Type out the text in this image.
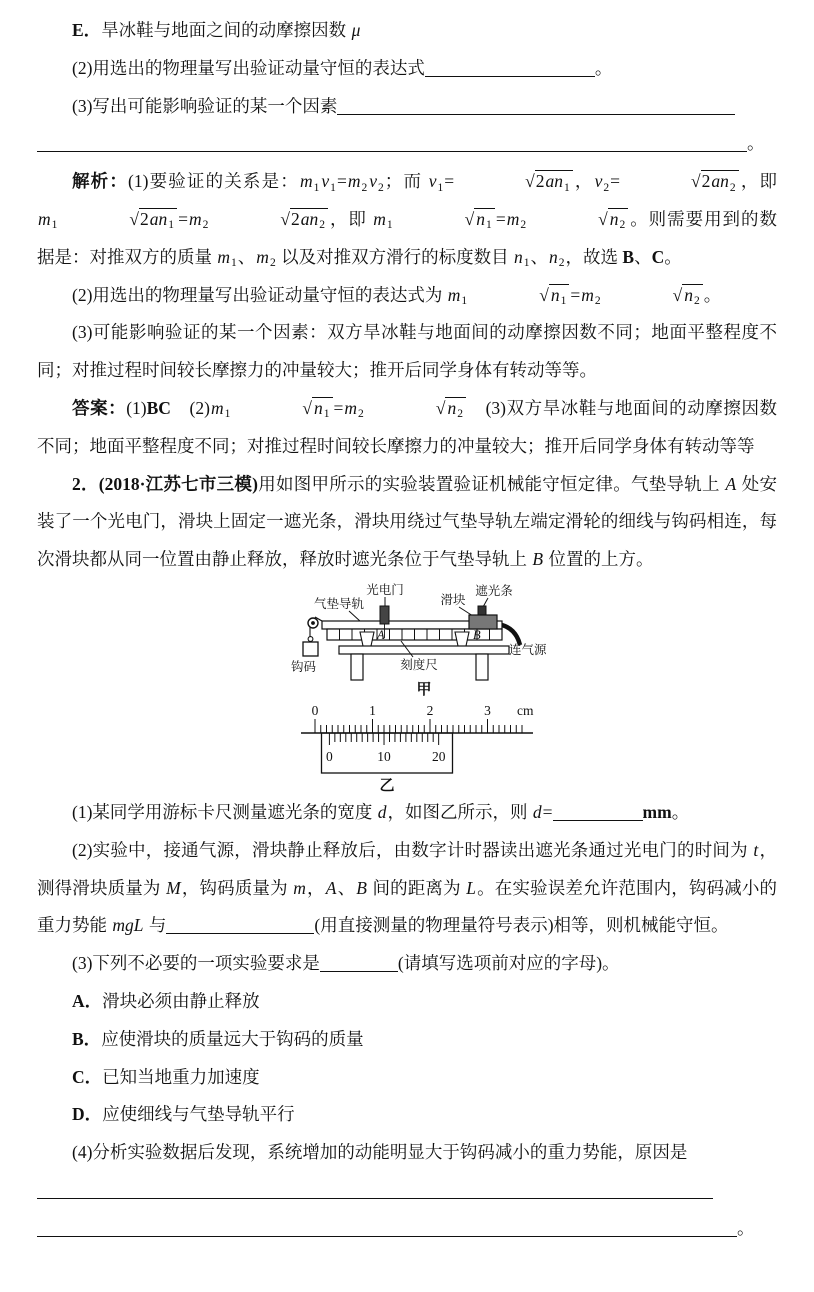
E．旱冰鞋与地面之间的动摩擦因数 μ

(2)用选出的物理量写出验证动量守恒的表达式	。

(3)写出可能影响验证的某一个因素

。

解析：(1)要验证的关系是：$m_1$ $v_1=m_2$ $v_2$；而 $v_1=$	$√2an_1$ ，$v_2=$	$√2an_2$ ，即 $m_1$	$√2an_1 =m_2$	$√2an_2$ ，即 $m_1$	√ $n_1 =m_2$	√ $n_2$ 。则需要用到的数据是：对推双方的质量 $m_1$、$m_2$ 以及对推双方滑行的标度数目 $n_1$、$n_2$，故选 B、C。

(2)用选出的物理量写出验证动量守恒的表达式为 $m_1$	√ $n_1 =m_2$	√ $n_2$ 。

(3)可能影响验证的某一个因素：双方旱冰鞋与地面间的动摩擦因数不同；地面平整程度不同；对推过程时间较长摩擦力的冲量较大；推开后同学身体有转动等等。

答案：(1)BC　$(2)m_1$	√ $n_1 =m_2$	√ $n_2$　(3)双方旱冰鞋与地面间的动摩擦因数不同；地面平整程度不同；对推过程时间较长摩擦力的冲量较大；推开后同学身体有转动等等

2．(2018·江苏七市三模)用如图甲所示的实验装置验证机械能守恒定律。气垫导轨上 A 处安装了一个光电门，滑块上固定一遮光条，滑块用绕过气垫导轨左端定滑轮的细线与钩码相连，每次滑块都从同一位置由静止释放，释放时遮光条位于气垫导轨上 B 位置的上方。

气垫导轨
光电门
滑块
遮光条
钩码
A	B
连气源
刻度尺
甲
0	1	2	3 cm
0	10	20
乙

(1)某同学用游标卡尺测量遮光条的宽度 d，如图乙所示，则 d=	mm。

(2)实验中，接通气源，滑块静止释放后，由数字计时器读出遮光条通过光电门的时间为 t，测得滑块质量为 M，钩码质量为 m，A、B 间的距离为 L。在实验误差允许范围内，钩码减小的重力势能 mgL 与	(用直接测量的物理量符号表示)相等，则机械能守恒。

(3)下列不必要的一项实验要求是	(请填写选项前对应的字母)。

A．滑块必须由静止释放

B．应使滑块的质量远大于钩码的质量

C．已知当地重力加速度

D．应使细线与气垫导轨平行

(4)分析实验数据后发现，系统增加的动能明显大于钩码减小的重力势能，原因是

。
